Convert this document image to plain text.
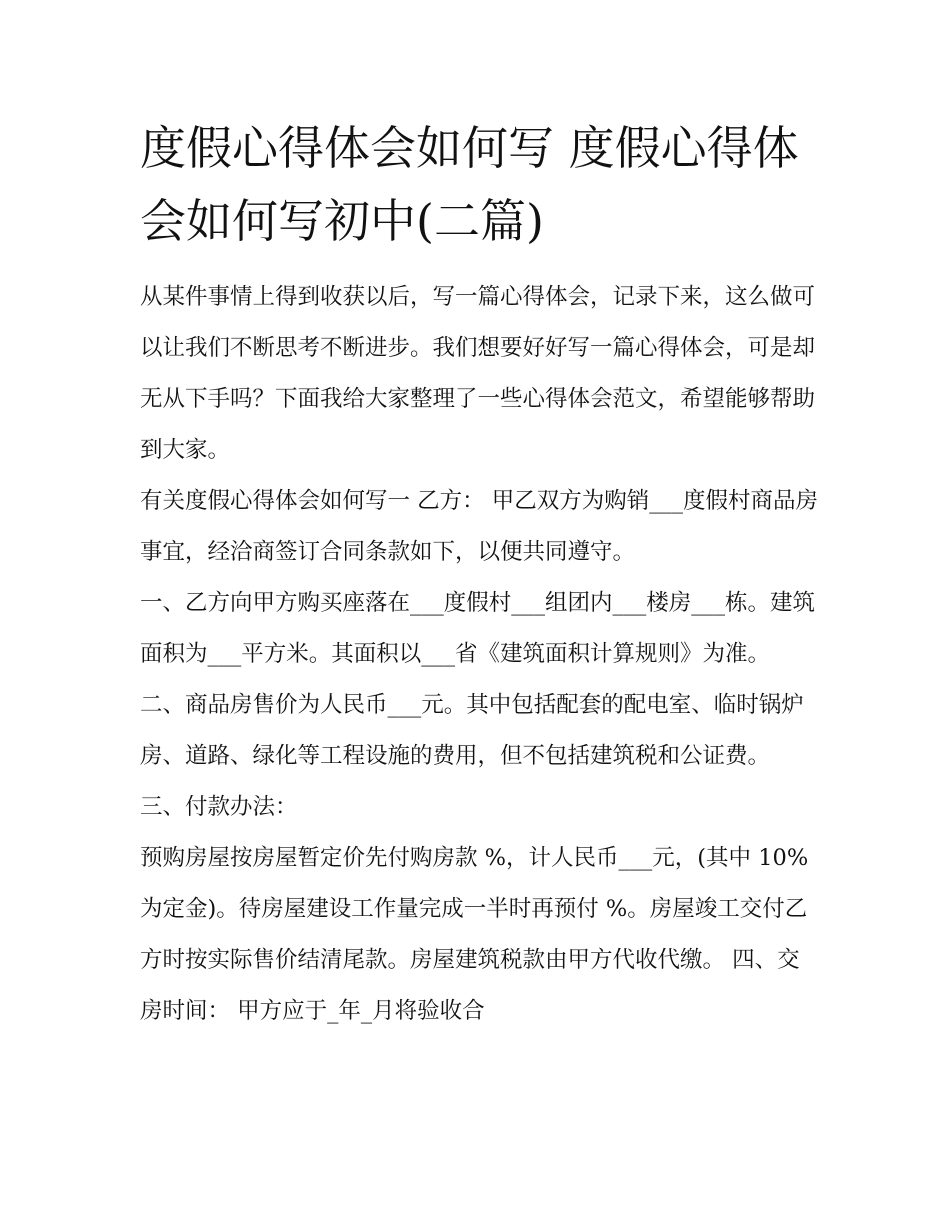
度假心得体会如何写 度假心得体会如何写初中(二篇)

从某件事情上得到收获以后，写一篇心得体会，记录下来，这么做可以让我们不断思考不断进步。我们想要好好写一篇心得体会，可是却无从下手吗？下面我给大家整理了一些心得体会范文，希望能够帮助到大家。

有关度假心得体会如何写一 乙方： 甲乙双方为购销___度假村商品房事宜，经洽商签订合同条款如下，以便共同遵守。

一、乙方向甲方购买座落在___度假村___组团内___楼房___栋。建筑面积为___平方米。其面积以___省《建筑面积计算规则》为准。

二、商品房售价为人民币___元。其中包括配套的配电室、临时锅炉房、道路、绿化等工程设施的费用，但不包括建筑税和公证费。 三、付款办法：

预购房屋按房屋暂定价先付购房款 %，计人民币___元，(其中 10%为定金)。待房屋建设工作量完成一半时再预付 %。房屋竣工交付乙方时按实际售价结清尾款。房屋建筑税款由甲方代收代缴。 四、交房时间： 甲方应于_年_月将验收合
